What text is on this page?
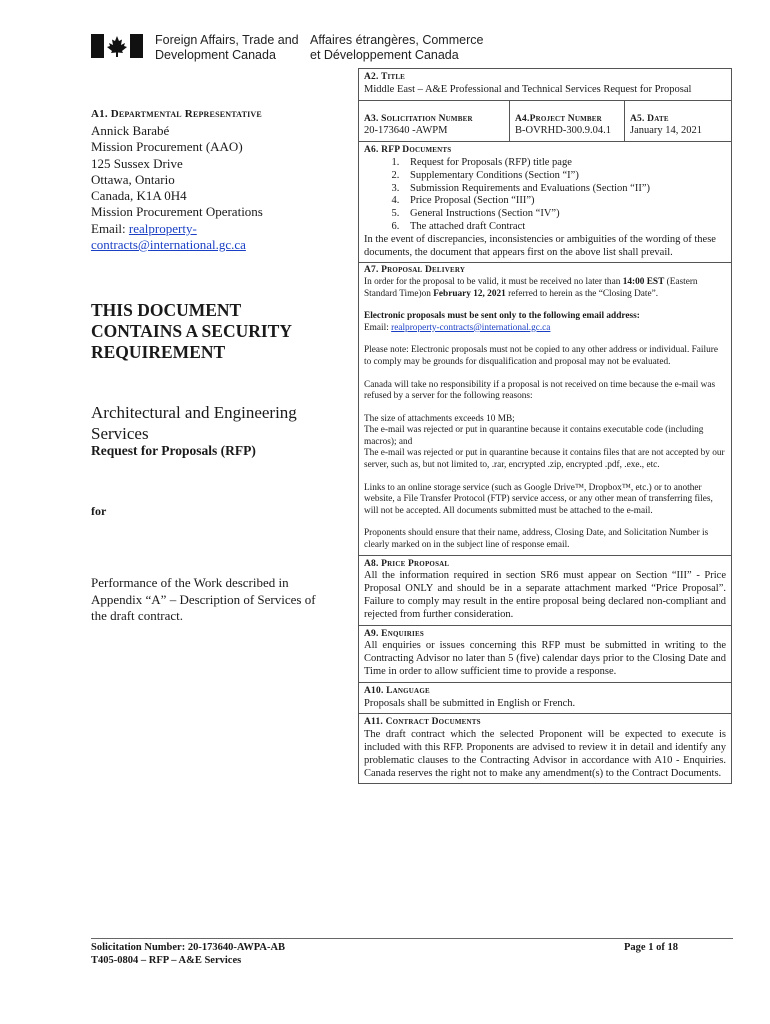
Foreign Affairs, Trade and
Development Canada
Affaires étrangères, Commerce
et Développement Canada
A1. Departmental Representative
Annick Barabé
Mission Procurement (AAO)
125 Sussex Drive
Ottawa, Ontario
Canada, K1A 0H4
Mission Procurement Operations
Email: realproperty-
contracts@international.gc.ca
THIS DOCUMENT CONTAINS A SECURITY REQUIREMENT
Architectural and Engineering Services
Request for Proposals (RFP)
for
Performance of the Work described in Appendix “A” – Description of Services of the draft contract.
A2. Title
Middle East – A&E Professional and Technical Services Request for Proposal
A3. Solicitation Number
20-173640 -AWPM
A4.Project Number
B-OVRHD-300.9.04.1
A5. Date
January 14, 2021
A6. RFP Documents
1. Request for Proposals (RFP) title page
2. Supplementary Conditions (Section “I”)
3. Submission Requirements and Evaluations (Section “II”)
4. Price Proposal (Section “III”)
5. General Instructions (Section “IV”)
6. The attached draft Contract
In the event of discrepancies, inconsistencies or ambiguities of the wording of these documents, the document that appears first on the above list shall prevail.
A7. Proposal Delivery
In order for the proposal to be valid, it must be received no later than 14:00 EST (Eastern Standard Time)on February 12, 2021 referred to herein as the “Closing Date”.
Electronic proposals must be sent only to the following email address:
Email: realproperty-contracts@international.gc.ca
Please note: Electronic proposals must not be copied to any other address or individual. Failure to comply may be grounds for disqualification and proposal may not be evaluated.
Canada will take no responsibility if a proposal is not received on time because the e-mail was refused by a server for the following reasons:
The size of attachments exceeds 10 MB;
The e-mail was rejected or put in quarantine because it contains executable code (including macros); and
The e-mail was rejected or put in quarantine because it contains files that are not accepted by our server, such as, but not limited to, .rar, encrypted .zip, encrypted .pdf, .exe., etc.
Links to an online storage service (such as Google Drive™, Dropbox™, etc.) or to another website, a File Transfer Protocol (FTP) service access, or any other mean of transferring files, will not be accepted. All documents submitted must be attached to the e-mail.
Proponents should ensure that their name, address, Closing Date, and Solicitation Number is clearly marked on in the subject line of response email.
A8. Price Proposal
All the information required in section SR6 must appear on Section “III” - Price Proposal ONLY and should be in a separate attachment marked “Price Proposal”. Failure to comply may result in the entire proposal being declared non-compliant and rejected from further consideration.
A9. Enquiries
All enquiries or issues concerning this RFP must be submitted in writing to the Contracting Advisor no later than 5 (five) calendar days prior to the Closing Date and Time in order to allow sufficient time to provide a response.
A10. Language
Proposals shall be submitted in English or French.
A11. Contract Documents
The draft contract which the selected Proponent will be expected to execute is included with this RFP. Proponents are advised to review it in detail and identify any problematic clauses to the Contracting Advisor in accordance with A10 - Enquiries. Canada reserves the right not to make any amendment(s) to the Contract Documents.
Solicitation Number: 20-173640-AWPA-AB
T405-0804 – RFP – A&E Services
Page 1 of 18
